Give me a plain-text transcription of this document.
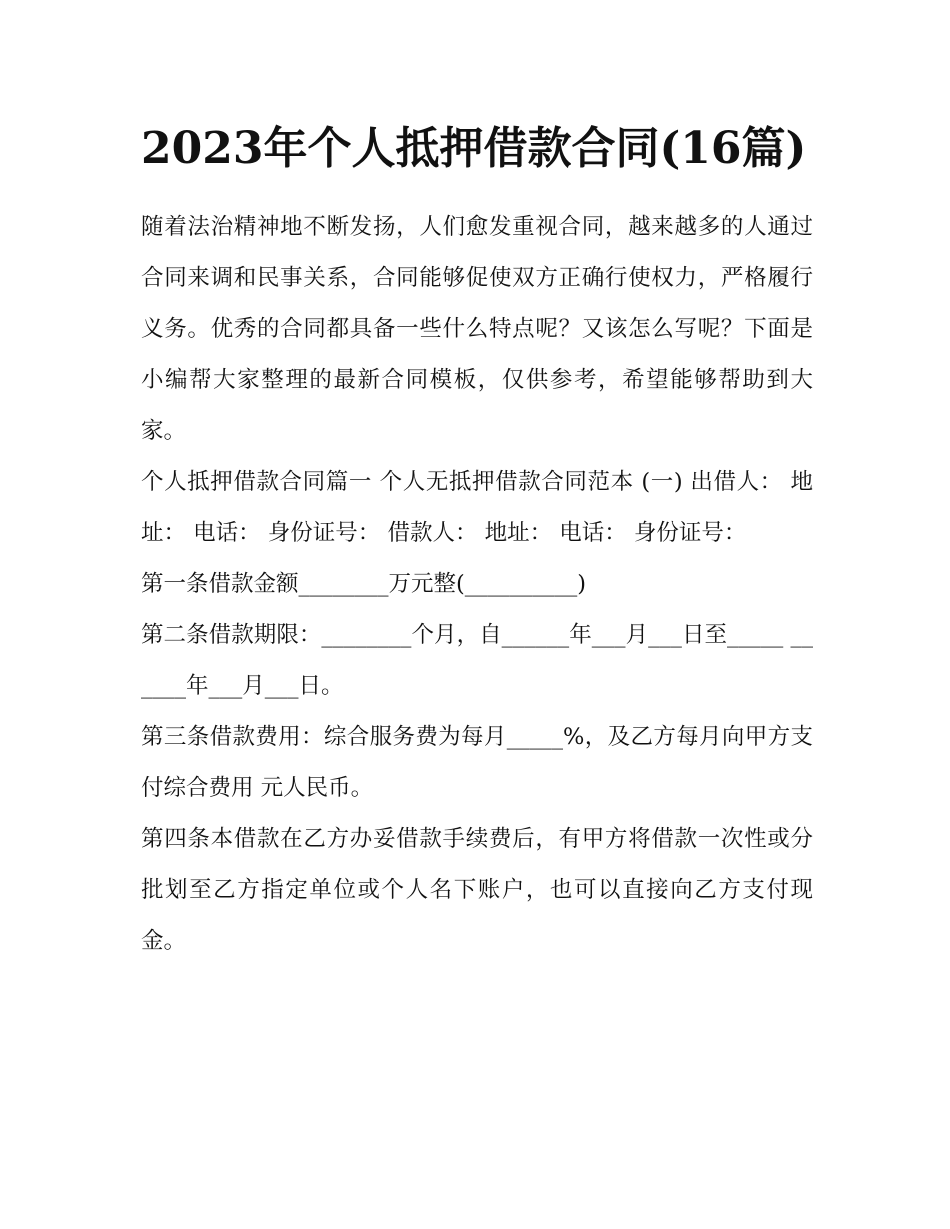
2023年个人抵押借款合同(16篇)

随着法治精神地不断发扬，人们愈发重视合同，越来越多的人通过合同来调和民事关系，合同能够促使双方正确行使权力，严格履行义务。优秀的合同都具备一些什么特点呢？又该怎么写呢？下面是小编帮大家整理的最新合同模板，仅供参考，希望能够帮助到大家。

个人抵押借款合同篇一 个人无抵押借款合同范本 (一) 出借人： 地址： 电话： 身份证号： 借款人： 地址： 电话： 身份证号：

第一条借款金额________万元整(__________)

第二条借款期限：________个月，自______年___月___日至_____ ______年___月___日。

第三条借款费用：综合服务费为每月_____%，及乙方每月向甲方支付综合费用 元人民币。

第四条本借款在乙方办妥借款手续费后，有甲方将借款一次性或分批划至乙方指定单位或个人名下账户，也可以直接向乙方支付现金。
